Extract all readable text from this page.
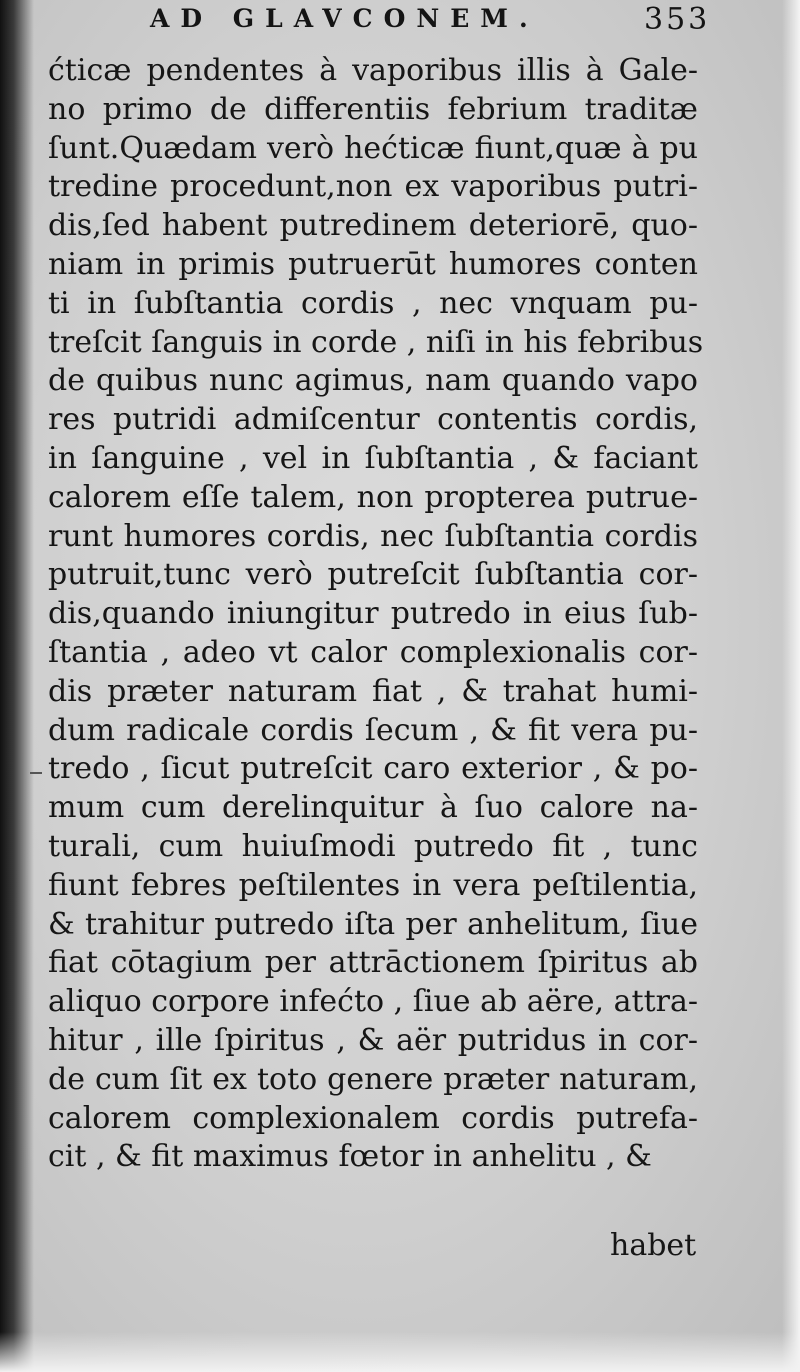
AD GLAVCONEM.	353
ćticæ pendentes à vaporibus illis à Gale-
no primo de differentiis febrium traditæ
ſunt.Quædam verò hećticæ fiunt,quæ à pu
tredine procedunt,non ex vaporibus putri-
dis,ſed habent putredinem deteriorē, quo-
niam in primis putruerūt humores conten
ti in ſubſtantia cordis , nec vnquam pu-
treſcit ſanguis in corde , niſi in his febribus
de quibus nunc agimus, nam quando vapo
res putridi admiſcentur contentis cordis,
in ſanguine , vel in ſubſtantia , & faciant
calorem eſſe talem, non propterea putrue-
runt humores cordis, nec ſubſtantia cordis
putruit,tunc verò putreſcit ſubſtantia cor-
dis,quando iniungitur putredo in eius ſub-
ſtantia , adeo vt calor complexionalis cor-
dis præter naturam fiat , & trahat humi-
dum radicale cordis ſecum , & fit vera pu-
tredo , ſicut putreſcit caro exterior , & po-
mum cum derelinquitur à ſuo calore na-
turali, cum huiuſmodi putredo fit , tunc
fiunt febres peſtilentes in vera peſtilentia,
& trahitur putredo iſta per anhelitum, ſiue
fiat cōtagium per attrāctionem ſpiritus ab
aliquo corpore infećto , ſiue ab aëre, attra-
hitur , ille ſpiritus , & aër putridus in cor-
de cum ſit ex toto genere præter naturam,
calorem complexionalem cordis putrefa-
cit , & fit maximus fœtor in anhelitu , &
habet
